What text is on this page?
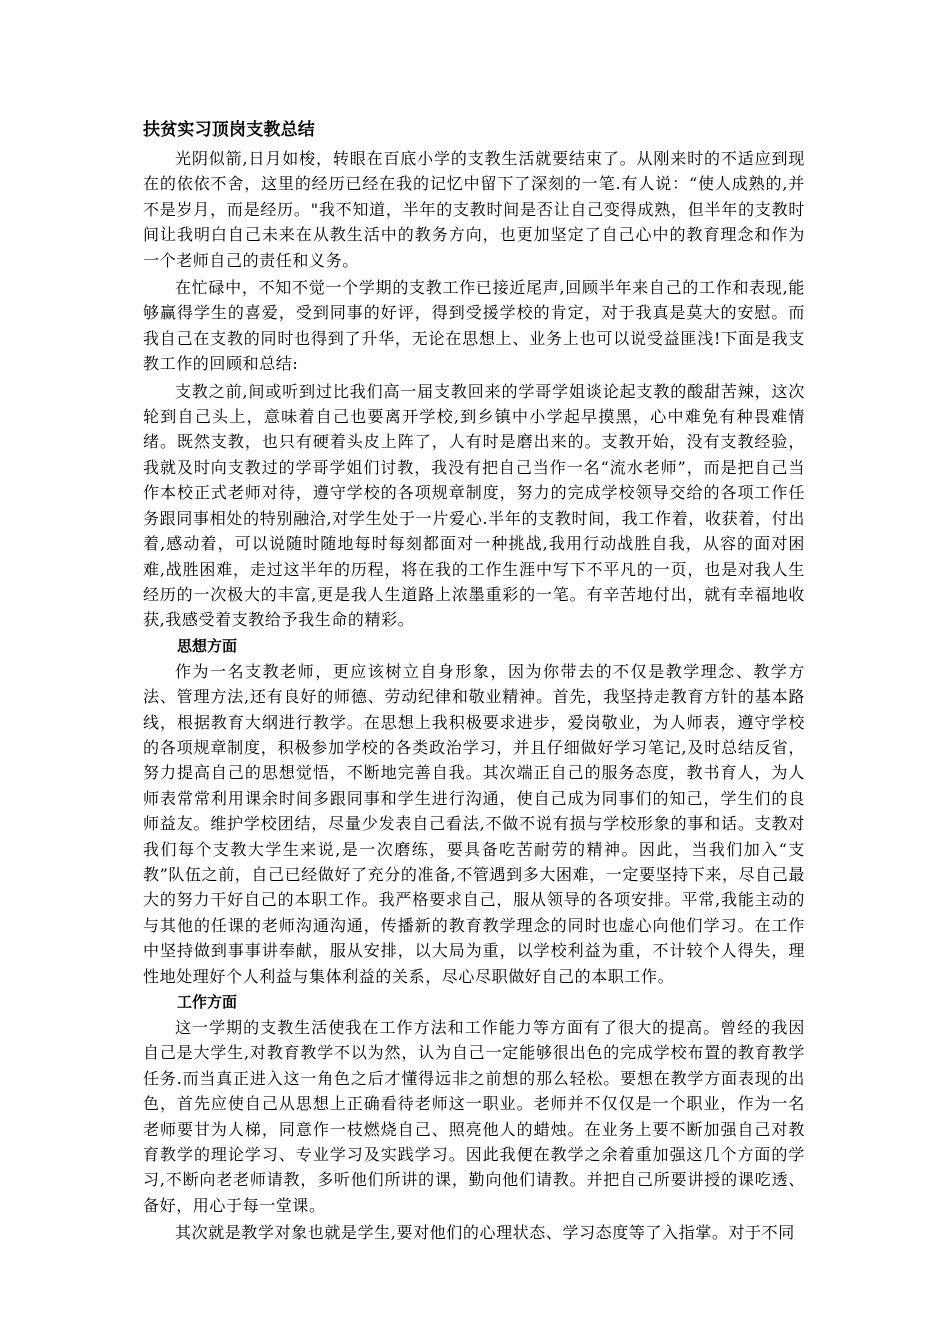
扶贫实习顶岗支教总结

光阴似箭,日月如梭，转眼在百底小学的支教生活就要结束了。从刚来时的不适应到现在的依依不舍，这里的经历已经在我的记忆中留下了深刻的一笔.有人说：“使人成熟的,并不是岁月，而是经历。"我不知道，半年的支教时间是否让自己变得成熟，但半年的支教时间让我明白自己未来在从教生活中的教务方向，也更加坚定了自己心中的教育理念和作为一个老师自己的责任和义务。

在忙碌中，不知不觉一个学期的支教工作已接近尾声,回顾半年来自己的工作和表现,能够赢得学生的喜爱，受到同事的好评，得到受援学校的肯定，对于我真是莫大的安慰。而我自己在支教的同时也得到了升华，无论在思想上、业务上也可以说受益匪浅!下面是我支教工作的回顾和总结:

支教之前,间或听到过比我们高一届支教回来的学哥学姐谈论起支教的酸甜苦辣，这次轮到自己头上，意味着自己也要离开学校,到乡镇中小学起早摸黑，心中难免有种畏难情绪。既然支教，也只有硬着头皮上阵了，人有时是磨出来的。支教开始，没有支教经验，我就及时向支教过的学哥学姐们讨教，我没有把自己当作一名“流水老师”，而是把自己当作本校正式老师对待，遵守学校的各项规章制度，努力的完成学校领导交给的各项工作任务跟同事相处的特别融洽,对学生处于一片爱心.半年的支教时间，我工作着，收获着，付出着,感动着，可以说随时随地每时每刻都面对一种挑战,我用行动战胜自我，从容的面对困难,战胜困难，走过这半年的历程，将在我的工作生涯中写下不平凡的一页，也是对我人生经历的一次极大的丰富,更是我人生道路上浓墨重彩的一笔。有辛苦地付出，就有幸福地收获,我感受着支教给予我生命的精彩。

思想方面

作为一名支教老师，更应该树立自身形象，因为你带去的不仅是教学理念、教学方法、管理方法,还有良好的师德、劳动纪律和敬业精神。首先，我坚持走教育方针的基本路线，根据教育大纲进行教学。在思想上我积极要求进步，爱岗敬业，为人师表，遵守学校的各项规章制度，积极参加学校的各类政治学习，并且仔细做好学习笔记,及时总结反省，努力提高自己的思想觉悟，不断地完善自我。其次端正自己的服务态度，教书育人，为人师表常常利用课余时间多跟同事和学生进行沟通，使自己成为同事们的知己，学生们的良师益友。维护学校团结，尽量少发表自己看法,不做不说有损与学校形象的事和话。支教对我们每个支教大学生来说,是一次磨练，要具备吃苦耐劳的精神。因此，当我们加入“支教”队伍之前，自己已经做好了充分的准备,不管遇到多大困难，一定要坚持下来，尽自己最大的努力干好自己的本职工作。我严格要求自己，服从领导的各项安排。平常,我能主动的与其他的任课的老师沟通沟通，传播新的教育教学理念的同时也虚心向他们学习。在工作中坚持做到事事讲奉献，服从安排，以大局为重，以学校利益为重，不计较个人得失，理性地处理好个人利益与集体利益的关系，尽心尽职做好自己的本职工作。

工作方面

这一学期的支教生活使我在工作方法和工作能力等方面有了很大的提高。曾经的我因自己是大学生,对教育教学不以为然，认为自己一定能够很出色的完成学校布置的教育教学任务.而当真正进入这一角色之后才懂得远非之前想的那么轻松。要想在教学方面表现的出色，首先应使自己从思想上正确看待老师这一职业。老师并不仅仅是一个职业，作为一名老师要甘为人梯，同意作一枝燃烧自己、照亮他人的蜡烛。在业务上要不断加强自己对教育教学的理论学习、专业学习及实践学习。因此我便在教学之余着重加强这几个方面的学习,不断向老老师请教，多听他们所讲的课，勤向他们请教。并把自己所要讲授的课吃透、备好，用心于每一堂课。

其次就是教学对象也就是学生,要对他们的心理状态、学习态度等了入指掌。对于不同
